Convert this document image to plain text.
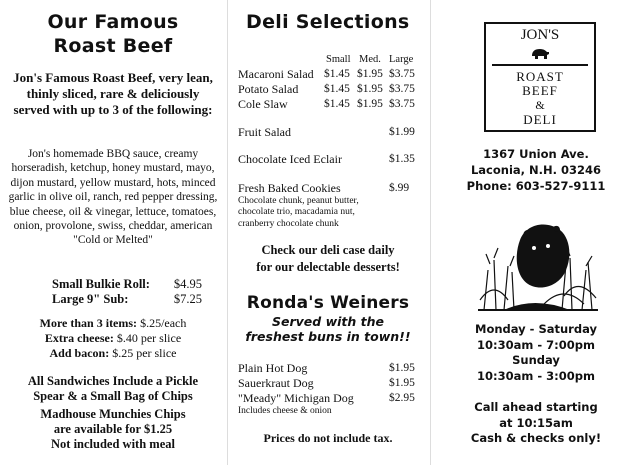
Our Famous
Roast Beef
Jon's Famous Roast Beef, very lean, thinly sliced, rare & deliciously served with up to 3 of the following:
Jon's homemade BBQ sauce, creamy horseradish, ketchup, honey mustard, mayo, dijon mustard, yellow mustard, hots, minced garlic in olive oil, ranch, red pepper dressing, blue cheese, oil & vinegar, lettuce, tomatoes, onion, provolone, swiss, cheddar, american "Cold or Melted"
Small Bulkie Roll: $4.95
Large 9" Sub:	$7.25
More than 3 items: $.25/each
Extra cheese: $.40 per slice
Add bacon: $.25 per slice
All Sandwiches Include a Pickle
Spear & a Small Bag of Chips
Madhouse Munchies Chips
are available for $1.25
Not included with meal
Deli Selections
Small Med. Large
Macaroni Salad $1.45 $1.95 $3.75
Potato Salad $1.45 $1.95 $3.75
Cole Slaw	$1.45 $1.95 $3.75
Fruit Salad	$1.99
Chocolate Iced Eclair	$1.35
Fresh Baked Cookies	$.99
Chocolate chunk, peanut butter,
chocolate trio, macadamia nut,
cranberry chocolate chunk
Check our deli case daily
for our delectable desserts!
Ronda's Weiners
Served with the
freshest buns in town!!
Plain Hot Dog	$1.95
Sauerkraut Dog	$1.95
"Meady" Michigan Dog	$2.95
Includes cheese & onion
Prices do not include tax.
JON'S
ROAST
BEEF
&
DELI
1367 Union Ave.
Laconia, N.H. 03246
Phone: 603-527-9111
Monday - Saturday
10:30am - 7:00pm
Sunday
10:30am - 3:00pm
Call ahead starting
at 10:15am
Cash & checks only!
